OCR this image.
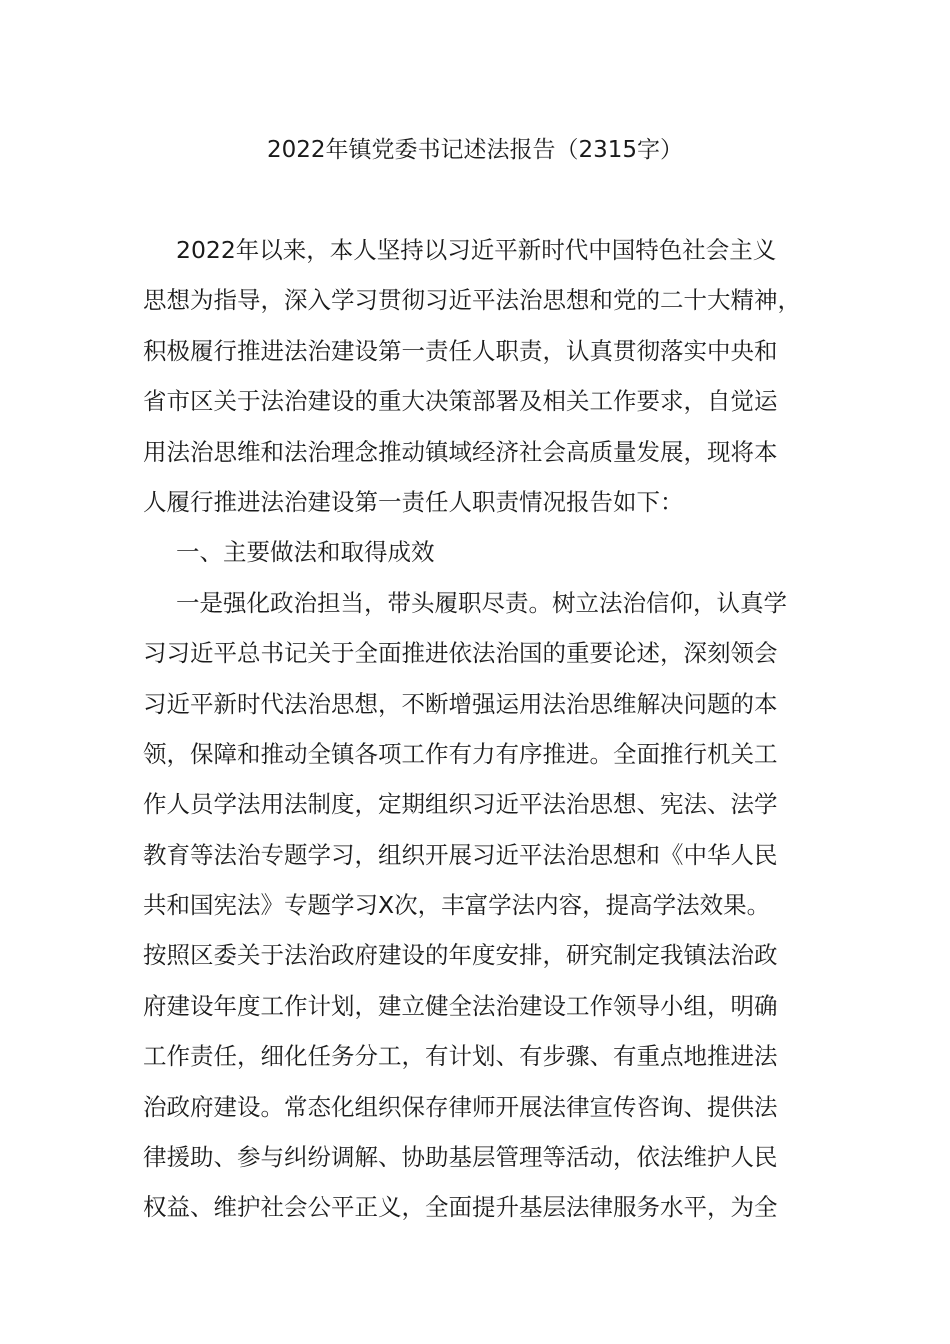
2022年镇党委书记述法报告（2315字）
2022年以来，本人坚持以习近平新时代中国特色社会主义
思想为指导，深入学习贯彻习近平法治思想和党的二十大精神，
积极履行推进法治建设第一责任人职责，认真贯彻落实中央和
省市区关于法治建设的重大决策部署及相关工作要求，自觉运
用法治思维和法治理念推动镇域经济社会高质量发展，现将本
人履行推进法治建设第一责任人职责情况报告如下：
一、主要做法和取得成效
一是强化政治担当，带头履职尽责。树立法治信仰，认真学
习习近平总书记关于全面推进依法治国的重要论述，深刻领会
习近平新时代法治思想，不断增强运用法治思维解决问题的本
领，保障和推动全镇各项工作有力有序推进。全面推行机关工
作人员学法用法制度，定期组织习近平法治思想、宪法、法学
教育等法治专题学习，组织开展习近平法治思想和《中华人民
共和国宪法》专题学习X次，丰富学法内容，提高学法效果。
按照区委关于法治政府建设的年度安排，研究制定我镇法治政
府建设年度工作计划，建立健全法治建设工作领导小组，明确
工作责任，细化任务分工，有计划、有步骤、有重点地推进法
治政府建设。常态化组织保存律师开展法律宣传咨询、提供法
律援助、参与纠纷调解、协助基层管理等活动，依法维护人民
权益、维护社会公平正义，全面提升基层法律服务水平，为全
